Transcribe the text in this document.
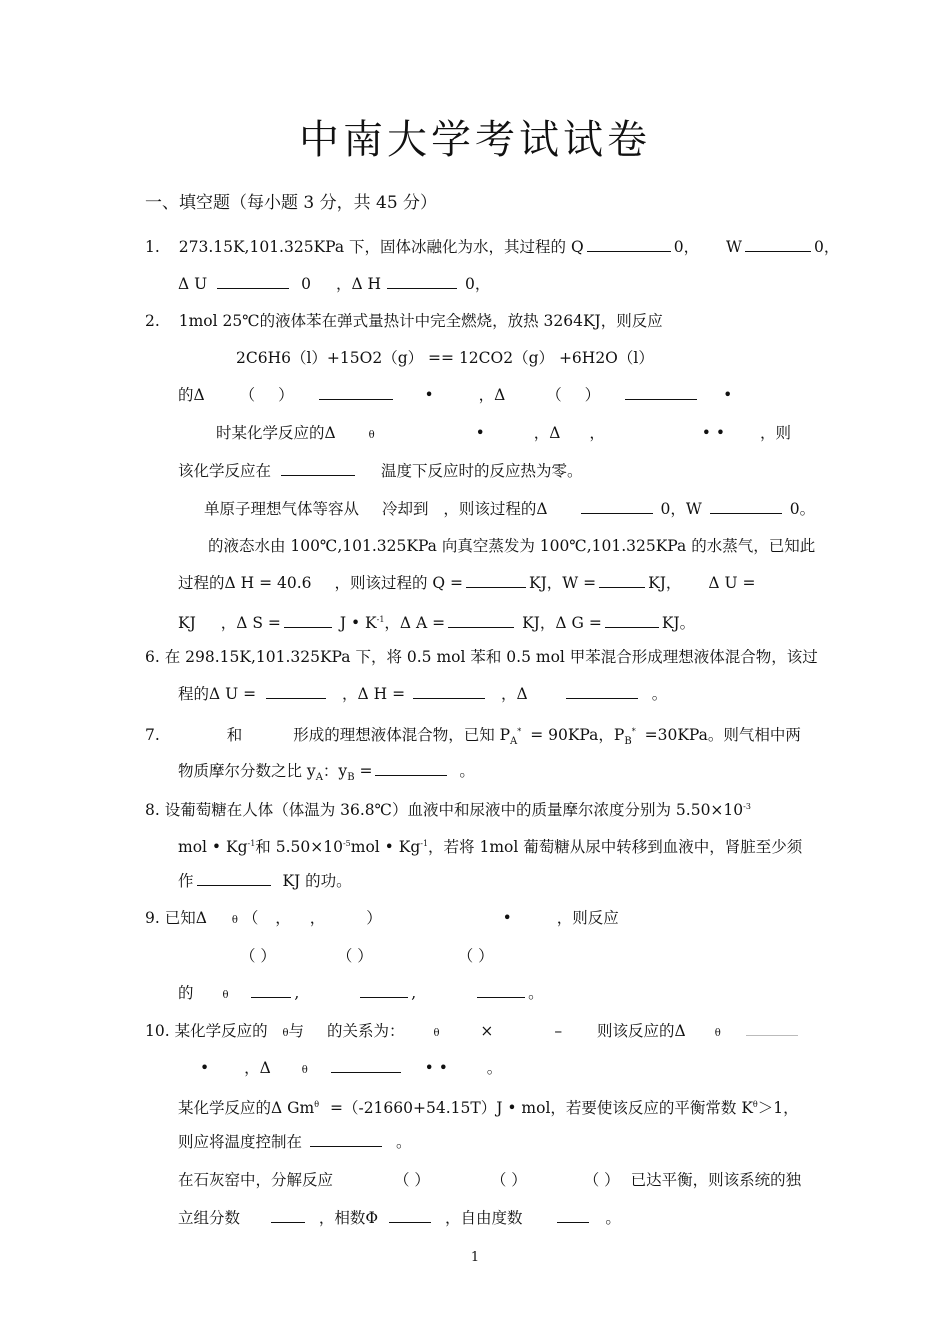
中南大学考试试卷
一、填空题（每小题 3 分，共 45 分）
1. 273.15K,101.325KPa 下，固体冰融化为水，其过程的 Q	0， W	0，
Δ U	0 ，Δ H	0，
2. 1mol 25℃的液体苯在弹式量热计中完全燃烧，放热 3264KJ，则反应
2C6H6（l）+15O2（g） == 12CO2（g） +6H2O（l）
的Δ （ ）	•	，Δ	（ ）	•
时某化学反应的Δ	θ	•	，Δ ，	• • ，则
该化学反应在	温度下反应时的反应热为零。
单原子理想气体等容从 冷却到 ，则该过程的Δ	0，W	0。
的液态水由 100℃,101.325KPa 向真空蒸发为 100℃,101.325KPa 的水蒸气，已知此
过程的Δ H = 40.6 ，则该过程的 Q =	KJ，W =	KJ， Δ U =
KJ ，Δ S =	J • $K^{-1}$，Δ A =	KJ，Δ G =	KJ。
6. 在 298.15K,101.325KPa 下，将 0.5 mol 苯和 0.5 mol 甲苯混合形成理想液体混合物，该过
程的Δ U =	，Δ H =	，Δ	。
7.	和	形成的理想液体混合物，已知 $P_A^* = 90KPa$，$P_B^* =30KPa$。则气相中两
物质摩尔分数之比 $y_A$：$y_B$ =	。
8. 设葡萄糖在人体（体温为 36.8℃）血液中和尿液中的质量摩尔浓度分别为 $5.50\times 10^{-3}$
mol • $Kg^{-1}$和 $5.50\times 10^{-5}mol$ • $Kg^{-1}$，若将 1mol 葡萄糖从尿中转移到血液中，肾脏至少须
作	KJ 的功。
9. 已知Δ θ （ ， ，	）	•	，则反应
（ ）	（ ）	（ ）
的	θ	,	,	。
10. 某化学反应的 θ与 的关系为：	θ	×	– 则该反应的Δ	θ
• ，Δ	θ	• •	。
某化学反应的Δ $Gm^\theta =(-21660+54.15T)J$ • mol，若要使该反应的平衡常数 $K^\theta>1$，
则应将温度控制在	。
在石灰窑中，分解反应	（ ）	（ ）	（ ） 已达平衡，则该系统的独
立组分数	，相数Φ	，自由度数	。
1
